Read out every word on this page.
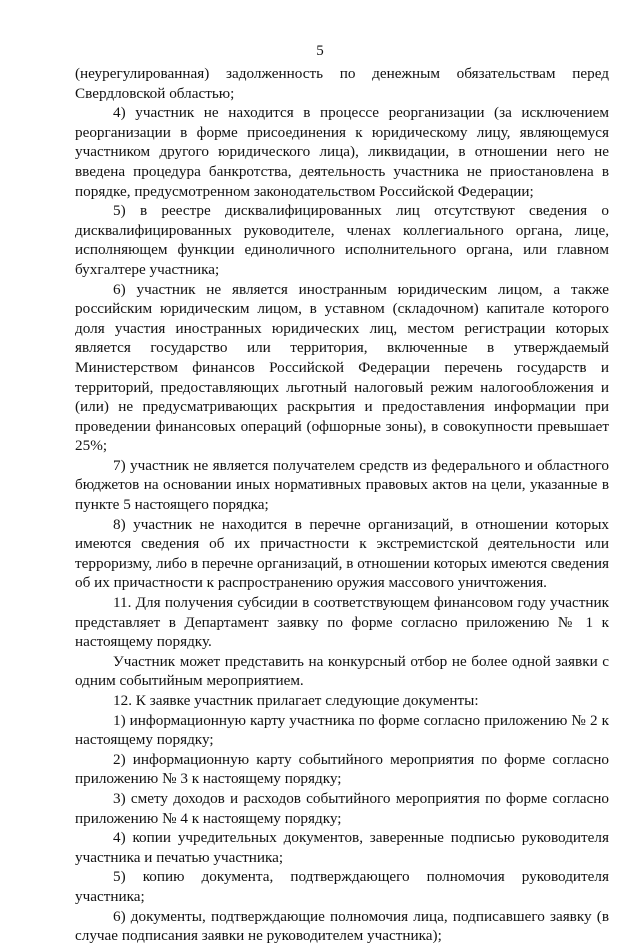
5

(неурегулированная) задолженность по денежным обязательствам перед Свердловской областью;

4) участник не находится в процессе реорганизации (за исключением реорганизации в форме присоединения к юридическому лицу, являющемуся участником другого юридического лица), ликвидации, в отношении него не введена процедура банкротства, деятельность участника не приостановлена в порядке, предусмотренном законодательством Российской Федерации;

5) в реестре дисквалифицированных лиц отсутствуют сведения о дисквалифицированных руководителе, членах коллегиального органа, лице, исполняющем функции единоличного исполнительного органа, или главном бухгалтере участника;

6) участник не является иностранным юридическим лицом, а также российским юридическим лицом, в уставном (складочном) капитале которого доля участия иностранных юридических лиц, местом регистрации которых является государство или территория, включенные в утверждаемый Министерством финансов Российской Федерации перечень государств и территорий, предоставляющих льготный налоговый режим налогообложения и (или) не предусматривающих раскрытия и предоставления информации при проведении финансовых операций (офшорные зоны), в совокупности превышает 25%;

7) участник не является получателем средств из федерального и областного бюджетов на основании иных нормативных правовых актов на цели, указанные в пункте 5 настоящего порядка;

8) участник не находится в перечне организаций, в отношении которых имеются сведения об их причастности к экстремистской деятельности или терроризму, либо в перечне организаций, в отношении которых имеются сведения об их причастности к распространению оружия массового уничтожения.

11. Для получения субсидии в соответствующем финансовом году участник представляет в Департамент заявку по форме согласно приложению № 1 к настоящему порядку.

Участник может представить на конкурсный отбор не более одной заявки с одним событийным мероприятием.

12. К заявке участник прилагает следующие документы:

1) информационную карту участника по форме согласно приложению № 2 к настоящему порядку;

2) информационную карту событийного мероприятия по форме согласно приложению № 3 к настоящему порядку;

3) смету доходов и расходов событийного мероприятия по форме согласно приложению № 4 к настоящему порядку;

4) копии учредительных документов, заверенные подписью руководителя участника и печатью участника;

5) копию документа, подтверждающего полномочия руководителя участника;

6) документы, подтверждающие полномочия лица, подписавшего заявку (в случае подписания заявки не руководителем участника);
